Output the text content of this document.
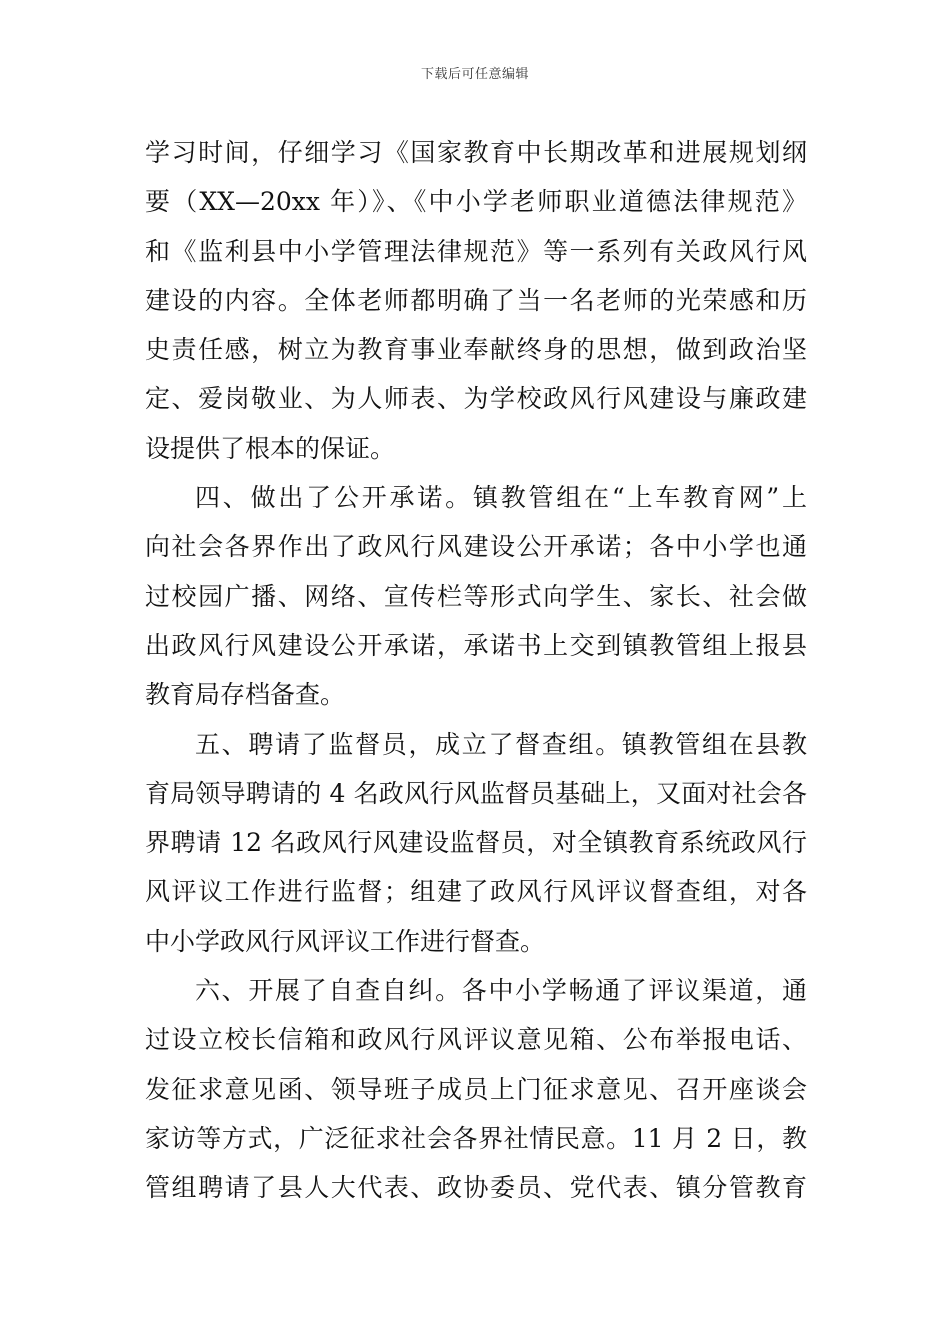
下载后可任意编辑
学习时间，仔细学习《国家教育中长期改革和进展规划纲
要（XX—20xx 年）》、《中小学老师职业道德法律规范》
和《监利县中小学管理法律规范》等一系列有关政风行风
建设的内容。全体老师都明确了当一名老师的光荣感和历
史责任感，树立为教育事业奉献终身的思想，做到政治坚
定、爱岗敬业、为人师表、为学校政风行风建设与廉政建
设提供了根本的保证。
四、做出了公开承诺。镇教管组在“上车教育网”上
向社会各界作出了政风行风建设公开承诺；各中小学也通
过校园广播、网络、宣传栏等形式向学生、家长、社会做
出政风行风建设公开承诺，承诺书上交到镇教管组上报县
教育局存档备查。
五、聘请了监督员，成立了督查组。镇教管组在县教
育局领导聘请的 4 名政风行风监督员基础上，又面对社会各
界聘请 12 名政风行风建设监督员，对全镇教育系统政风行
风评议工作进行监督；组建了政风行风评议督查组，对各
中小学政风行风评议工作进行督查。
六、开展了自查自纠。各中小学畅通了评议渠道，通
过设立校长信箱和政风行风评议意见箱、公布举报电话、
发征求意见函、领导班子成员上门征求意见、召开座谈会
家访等方式，广泛征求社会各界社情民意。11 月 2 日，教
管组聘请了县人大代表、政协委员、党代表、镇分管教育
